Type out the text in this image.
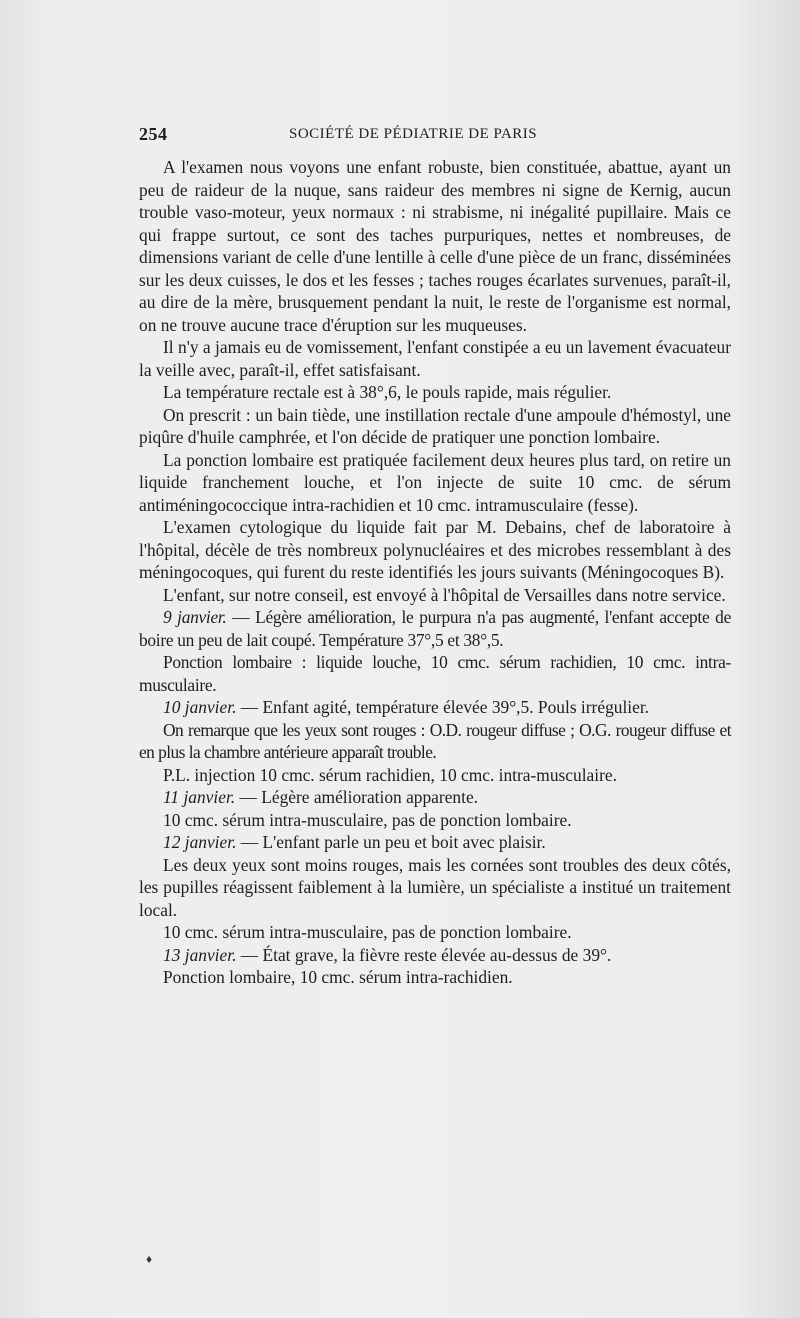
254	SOCIÉTÉ DE PÉDIATRIE DE PARIS

A l'examen nous voyons une enfant robuste, bien constituée, abattue, ayant un peu de raideur de la nuque, sans raideur des membres ni signe de Kernig, aucun trouble vaso-moteur, yeux normaux : ni strabisme, ni inégalité pupillaire. Mais ce qui frappe surtout, ce sont des taches purpuriques, nettes et nombreuses, de dimensions variant de celle d'une lentille à celle d'une pièce de un franc, disséminées sur les deux cuisses, le dos et les fesses ; taches rouges écarlates survenues, paraît-il, au dire de la mère, brusquement pendant la nuit, le reste de l'organisme est normal, on ne trouve aucune trace d'éruption sur les muqueuses.

Il n'y a jamais eu de vomissement, l'enfant constipée a eu un lavement évacuateur la veille avec, paraît-il, effet satisfaisant.

La température rectale est à 38°,6, le pouls rapide, mais régulier.

On prescrit : un bain tiède, une instillation rectale d'une ampoule d'hémostyl, une piqûre d'huile camphrée, et l'on décide de pratiquer une ponction lombaire.

La ponction lombaire est pratiquée facilement deux heures plus tard, on retire un liquide franchement louche, et l'on injecte de suite 10 cmc. de sérum antiméningococcique intra-rachidien et 10 cmc. intramusculaire (fesse).

L'examen cytologique du liquide fait par M. Debains, chef de laboratoire à l'hôpital, décèle de très nombreux polynucléaires et des microbes ressemblant à des méningocoques, qui furent du reste identifiés les jours suivants (Méningocoques B).

L'enfant, sur notre conseil, est envoyé à l'hôpital de Versailles dans notre service.

9 janvier. — Légère amélioration, le purpura n'a pas augmenté, l'enfant accepte de boire un peu de lait coupé. Température 37°,5 et 38°,5.

Ponction lombaire : liquide louche, 10 cmc. sérum rachidien, 10 cmc. intra-musculaire.

10 janvier. — Enfant agité, température élevée 39°,5. Pouls irrégulier.

On remarque que les yeux sont rouges : O.D. rougeur diffuse ; O.G. rougeur diffuse et en plus la chambre antérieure apparaît trouble.

P.L. injection 10 cmc. sérum rachidien, 10 cmc. intra-musculaire.

11 janvier. — Légère amélioration apparente.

10 cmc. sérum intra-musculaire, pas de ponction lombaire.

12 janvier. — L'enfant parle un peu et boit avec plaisir.

Les deux yeux sont moins rouges, mais les cornées sont troubles des deux côtés, les pupilles réagissent faiblement à la lumière, un spécialiste a institué un traitement local.

10 cmc. sérum intra-musculaire, pas de ponction lombaire.

13 janvier. — État grave, la fièvre reste élevée au-dessus de 39°.

Ponction lombaire, 10 cmc. sérum intra-rachidien.

♦
